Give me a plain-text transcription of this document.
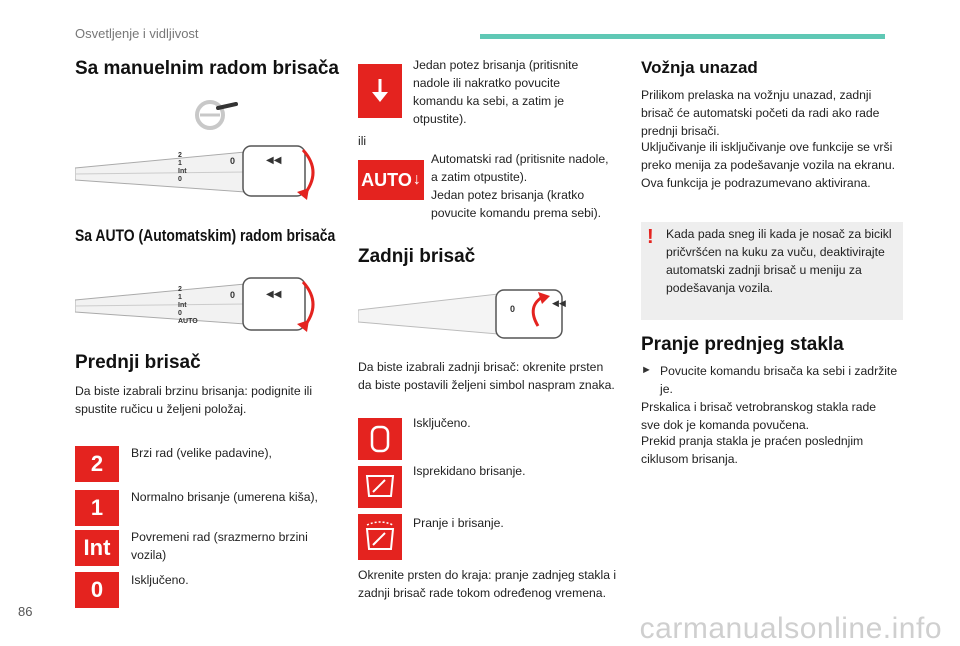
Osvetljenje i vidljivost
Sa manuelnim radom brisača
2
1
Int
0
0	◀◀
Sa AUTO (Automatskim) radom brisača
2
1
Int
0
AUTO
0	◀◀
Prednji brisač
Da biste izabrali brzinu brisanja: podignite ili spustite ručicu u željeni položaj.
2	Brzi rad (velike padavine),
1	Normalno brisanje (umerena kiša),
Int	Povremeni rad (srazmerno brzini vozila)
0	Isključeno.
Jedan potez brisanja (pritisnite nadole ili nakratko povucite komandu ka sebi, a zatim je otpustite).
ili
AUTO ↓
Automatski rad (pritisnite nadole, a zatim otpustite).
Jedan potez brisanja (kratko povucite komandu prema sebi).
Zadnji brisač
0
◀◀
Da biste izabrali zadnji brisač: okrenite prsten da biste postavili željeni simbol naspram znaka.
Isključeno.
Isprekidano brisanje.
Pranje i brisanje.
Okrenite prsten do kraja: pranje zadnjeg stakla i zadnji brisač rade tokom određenog vremena.
Vožnja unazad
Prilikom prelaska na vožnju unazad, zadnji brisač će automatski početi da radi ako rade prednji brisači.
Uključivanje ili isključivanje ove funkcije se vrši preko menija za podešavanje vozila na ekranu. Ova funkcija je podrazumevano aktivirana.
! Kada pada sneg ili kada je nosač za bicikl pričvršćen na kuku za vuču, deaktivirajte automatski zadnji brisač u meniju za podešavanja vozila.
Pranje prednjeg stakla
► Povucite komandu brisača ka sebi i zadržite je.
Prskalica i brisač vetrobranskog stakla rade sve dok je komanda povučena.
Prekid pranja stakla je praćen poslednjim ciklusom brisanja.
86
carmanualsonline.info
